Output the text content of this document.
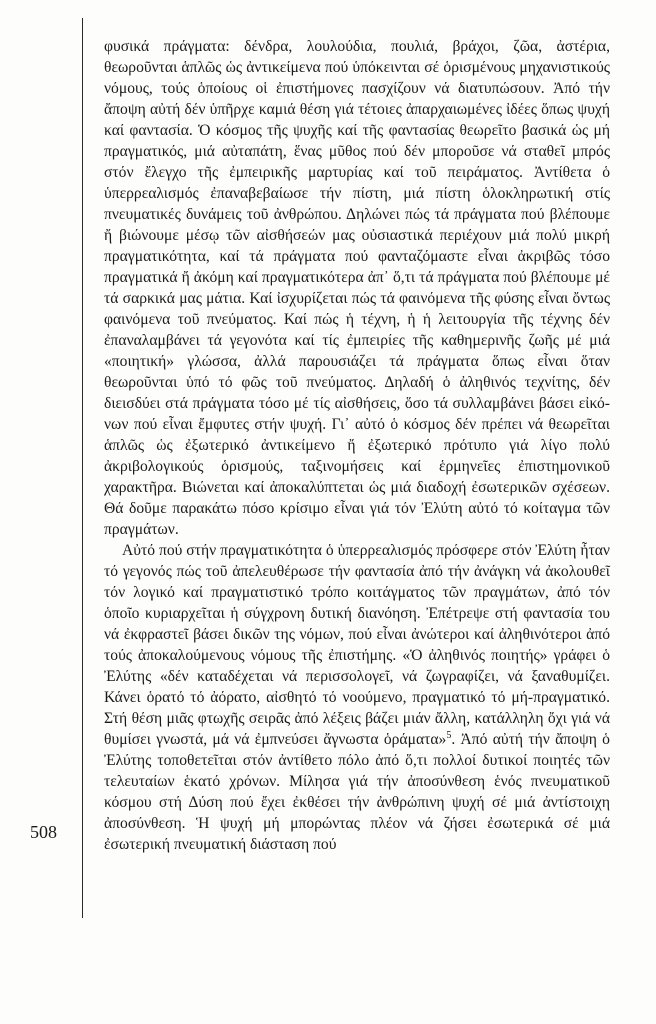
508

φυσικά πράγματα: δένδρα, λουλούδια, πουλιά, βράχοι, ζῶα, ἀστέρια, θεωροῦνται ἁπλῶς ὡς ἀντικείμενα πού ὑπόκεινται σέ ὁρισμένους μηχανιστικούς νόμους, τούς ὁποίους οἱ ἐπιστήμονες πασχίζουν νά διατυπώσουν. Ἀπό τήν ἄποψη αὐτή δέν ὑπῆρχε καμιά θέση γιά τέτοιες ἀπαρχαιωμένες ἰδέες ὅπως ψυχή καί φαντασία. Ὁ κόσμος τῆς ψυχῆς καί τῆς φαντασίας θεωρεῖτο βασικά ὡς μή πραγματικός, μιά αὐταπάτη, ἕνας μῦθος πού δέν μποροῦσε νά σταθεῖ μπρός στόν ἔλεγχο τῆς ἐμπειρικῆς μαρτυρίας καί τοῦ πειράματος. Ἀντίθετα ὁ ὑπερρεαλισμός ἐπαναβεβαίωσε τήν πίστη, μιά πίστη ὁλοκληρωτική στίς πνευματικές δυνάμεις τοῦ ἀνθρώπου. Δηλώνει πώς τά πράγματα πού βλέπουμε ἤ βιώνουμε μέσῳ τῶν αἰσθήσεών μας οὐσιαστικά περιέχουν μιά πολύ μικρή πραγματικότητα, καί τά πράγματα πού φανταζόμαστε εἶναι ἀκριβῶς τόσο πραγματικά ἤ ἀκόμη καί πραγματικότερα ἀπ᾽ ὅ,τι τά πράγματα πού βλέπουμε μέ τά σαρκικά μας μάτια. Καί ἰσχυρίζεται πώς τά φαινόμενα τῆς φύσης εἶναι ὄντως φαινόμενα τοῦ πνεύματος. Καί πώς ἡ τέχνη, ἡ ἡ λειτουργία τῆς τέχνης δέν ἐπαναλαμβάνει τά γεγονότα καί τίς ἐμπειρίες τῆς καθημερινῆς ζωῆς μέ μιά «ποιητική» γλώσσα, ἀλλά παρουσιάζει τά πράγματα ὅπως εἶναι ὅταν θεωροῦνται ὑπό τό φῶς τοῦ πνεύματος. Δηλαδή ὁ ἀληθινός τεχνίτης, δέν διεισδύει στά πράγματα τόσο μέ τίς αἰσθήσεις, ὅσο τά συλλαμβάνει βάσει εἰκόνων πού εἶναι ἔμφυτες στήν ψυχή. Γι᾽ αὐτό ὁ κόσμος δέν πρέπει νά θεωρεῖται ἁπλῶς ὡς ἐξωτερικό ἀντικείμενο ἤ ἐξωτερικό πρότυπο γιά λίγο πολύ ἀκριβολογικούς ὁρισμούς, ταξινομήσεις καί ἑρμηνεῖες ἐπιστημονικοῦ χαρακτῆρα. Βιώνεται καί ἀποκαλύπτεται ὡς μιά διαδοχή ἐσωτερικῶν σχέσεων. Θά δοῦμε παρακάτω πόσο κρίσιμο εἶναι γιά τόν Ἐλύτη αὐτό τό κοίταγμα τῶν πραγμάτων.

Αὐτό πού στήν πραγματικότητα ὁ ὑπερρεαλισμός πρόσφερε στόν Ἐλύτη ἦταν τό γεγονός πώς τοῦ ἀπελευθέρωσε τήν φαντασία ἀπό τήν ἀνάγκη νά ἀκολουθεῖ τόν λογικό καί πραγματιστικό τρόπο κοιτάγματος τῶν πραγμάτων, ἀπό τόν ὁποῖο κυριαρχεῖται ἡ σύγχρονη δυτική διανόηση. Ἐπέτρεψε στή φαντασία του νά ἐκφραστεῖ βάσει δικῶν της νόμων, πού εἶναι ἀνώτεροι καί ἀληθινότεροι ἀπό τούς ἀποκαλούμενους νόμους τῆς ἐπιστήμης. «Ὁ ἀληθινός ποιητής» γράφει ὁ Ἐλύτης «δέν καταδέχεται νά περισσολογεῖ, νά ζωγραφίζει, νά ξαναθυμίζει. Κάνει ὁρατό τό ἀόρατο, αἰσθητό τό νοούμενο, πραγματικό τό μή-πραγματικό. Στή θέση μιᾶς φτωχῆς σειρᾶς ἀπό λέξεις βάζει μιάν ἄλλη, κατάλληλη ὄχι γιά νά θυμίσει γνωστά, μά νά ἐμπνεύσει ἄγνωστα ὁράματα»$^5$. Ἀπό αὐτή τήν ἄποψη ὁ Ἐλύτης τοποθετεῖται στόν ἀντίθετο πόλο ἀπό ὅ,τι πολλοί δυτικοί ποιητές τῶν τελευταίων ἑκατό χρόνων. Μίλησα γιά τήν ἀποσύνθεση ἑνός πνευματικοῦ κόσμου στή Δύση πού ἔχει ἐκθέσει τήν ἀνθρώπινη ψυχή σέ μιά ἀντίστοιχη ἀποσύνθεση. Ἡ ψυχή μή μπορώντας πλέον νά ζήσει ἐσωτερικά σέ μιά ἐσωτερική πνευματική διάσταση πού
